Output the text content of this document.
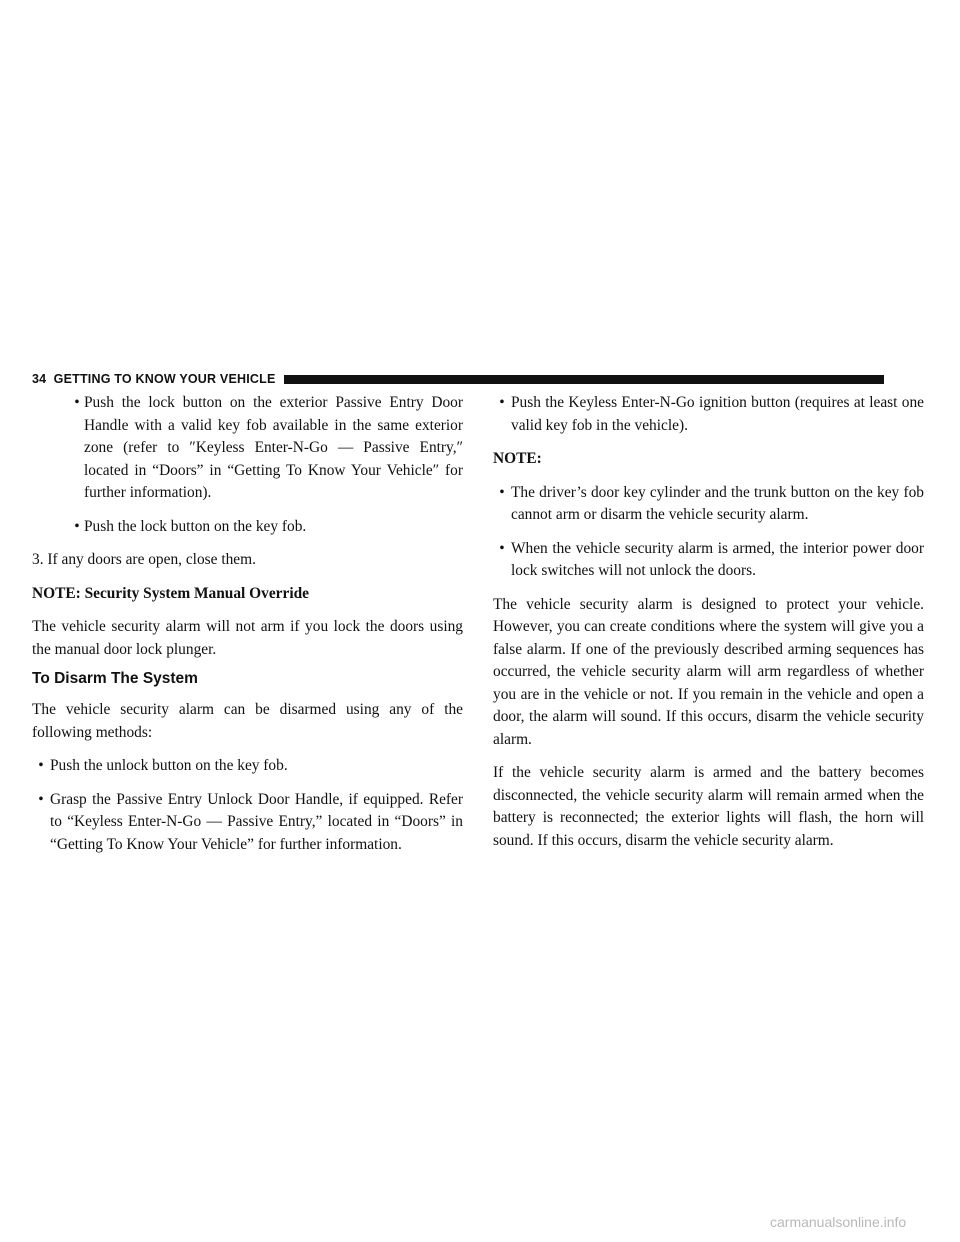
34 GETTING TO KNOW YOUR VEHICLE

• Push the lock button on the exterior Passive Entry Door Handle with a valid key fob available in the same exterior zone (refer to ″Keyless Enter-N-Go — Passive Entry,″ located in “Doors” in “Getting To Know Your Vehicle″ for further information).

• Push the lock button on the key fob.

3. If any doors are open, close them.

NOTE: Security System Manual Override

The vehicle security alarm will not arm if you lock the doors using the manual door lock plunger.

To Disarm The System

The vehicle security alarm can be disarmed using any of the following methods:

• Push the unlock button on the key fob.

• Grasp the Passive Entry Unlock Door Handle, if equipped. Refer to “Keyless Enter-N-Go — Passive Entry,” located in “Doors” in “Getting To Know Your Vehicle” for further information.

• Push the Keyless Enter-N-Go ignition button (requires at least one valid key fob in the vehicle).

NOTE:

• The driver’s door key cylinder and the trunk button on the key fob cannot arm or disarm the vehicle security alarm.

• When the vehicle security alarm is armed, the interior power door lock switches will not unlock the doors.

The vehicle security alarm is designed to protect your vehicle. However, you can create conditions where the system will give you a false alarm. If one of the previously described arming sequences has occurred, the vehicle security alarm will arm regardless of whether you are in the vehicle or not. If you remain in the vehicle and open a door, the alarm will sound. If this occurs, disarm the vehicle security alarm.

If the vehicle security alarm is armed and the battery becomes disconnected, the vehicle security alarm will remain armed when the battery is reconnected; the exterior lights will flash, the horn will sound. If this occurs, disarm the vehicle security alarm.

carmanualsonline.info
